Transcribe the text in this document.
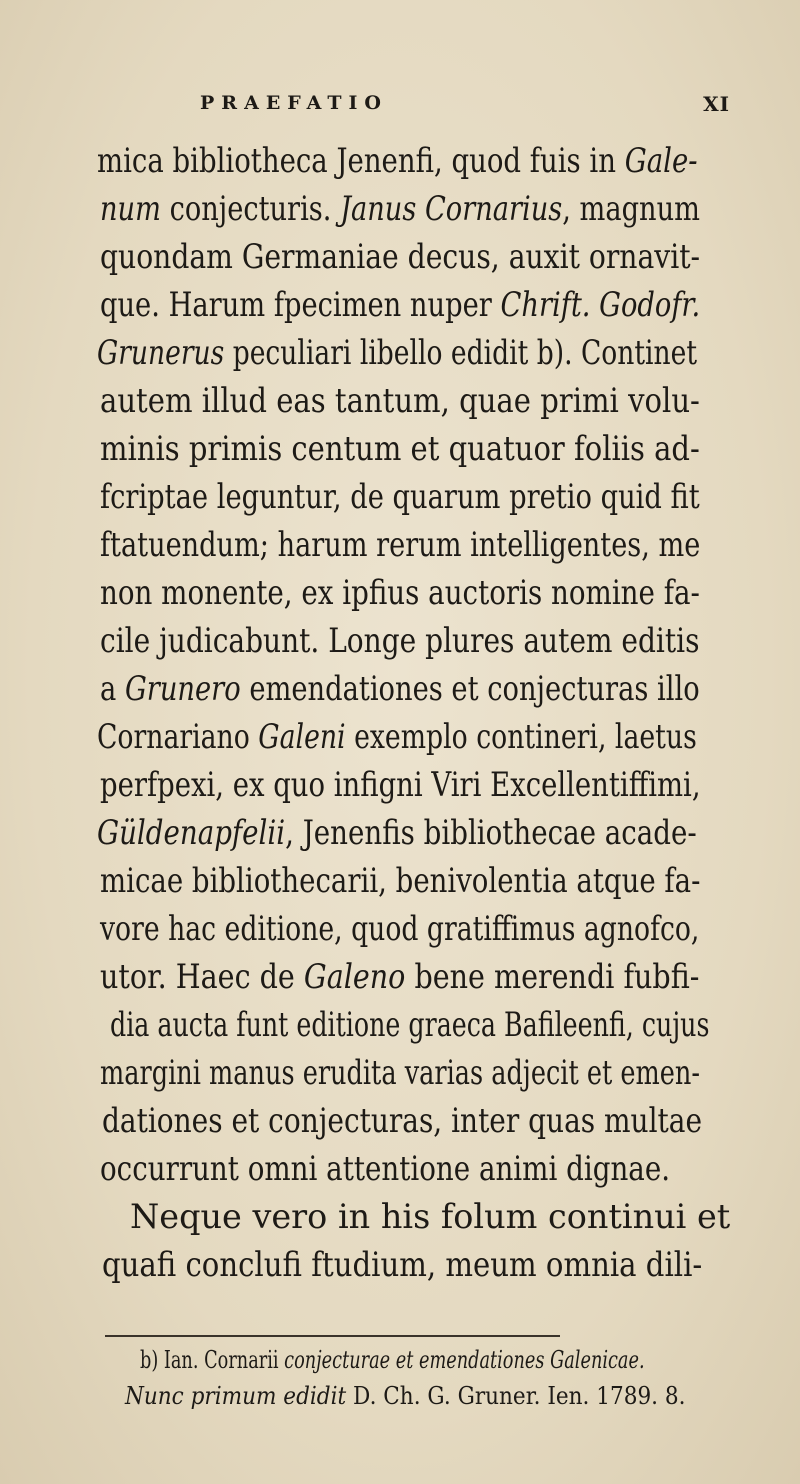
PRAEFATIO	XI
mica bibliotheca Jenenfi, quod fuis in Gale-
num conjecturis. Janus Cornarius, magnum
quondam Germaniae decus, auxit ornavit-
que. Harum fpecimen nuper Chrift. Godofr.
Grunerus peculiari libello edidit b). Continet
autem illud eas tantum, quae primi volu-
minis primis centum et quatuor foliis ad-
fcriptae leguntur, de quarum pretio quid fit
ftatuendum; harum rerum intelligentes, me
non monente, ex ipfius auctoris nomine fa-
cile judicabunt. Longe plures autem editis
a Grunero emendationes et conjecturas illo
Cornariano Galeni exemplo contineri, laetus
perfpexi, ex quo infigni Viri Excellentiffimi,
Güldenapfelii, Jenenfis bibliothecae acade-
micae bibliothecarii, benivolentia atque fa-
vore hac editione, quod gratiffimus agnofco,
utor. Haec de Galeno bene merendi fubfi-
dia aucta funt editione graeca Bafileenfi, cujus
margini manus erudita varias adjecit et emen-
dationes et conjecturas, inter quas multae
occurrunt omni attentione animi dignae.
Neque vero in his folum continui et
quafi conclufi ftudium, meum omnia dili-
b) Ian. Cornarii conjecturae et emendationes Galenicae.
Nunc primum edidit D. Ch. G. Gruner. Ien. 1789. 8.
